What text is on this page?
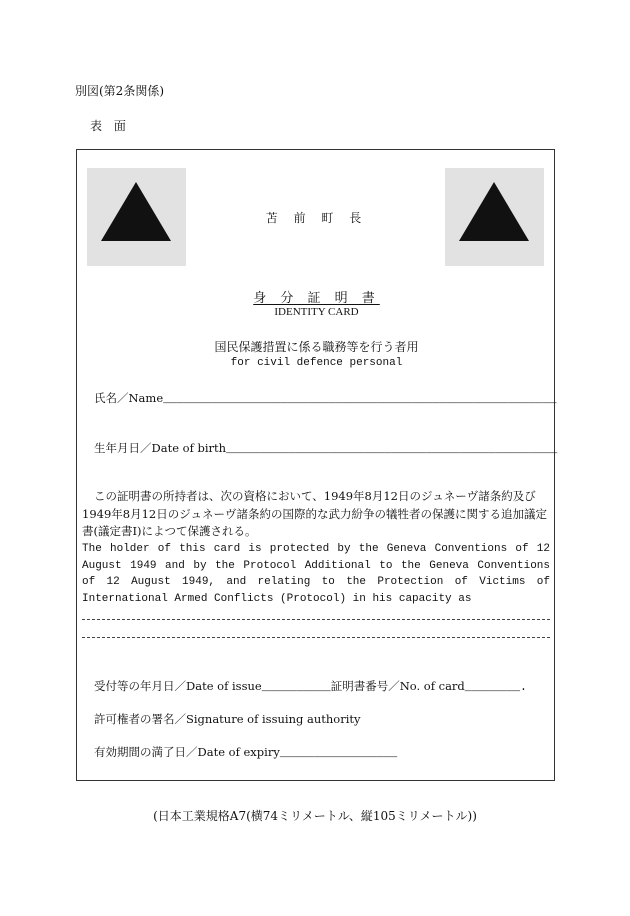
別図(第2条関係)
表 面
苫 前 町 長
身 分 証 明 書
IDENTITY CARD
国民保護措置に係る職務等を行う者用
for civil defence personal
氏名／Name_________________________________________________________
生年月日／Date of birth________________________________________________
この証明書の所持者は、次の資格において、1949年8月12日のジュネーヴ諸条約及び
1949年8月12日のジュネーヴ諸条約の国際的な武力紛争の犠牲者の保護に関する追加議定
書(議定書I)によつて保護される。
The holder of this card is protected by the Geneva Conventions of 12 August 1949 and by the Protocol Additional to the Geneva Conventions of 12 August 1949, and relating to the Protection of Victims of International Armed Conflicts (Protocol) in his capacity as
受付等の年月日／Date of issue__________証明書番号／No. of card________.
許可権者の署名／Signature of issuing authority
有効期間の満了日／Date of expiry_________________
(日本工業規格A7(横74ミリメートル、縦105ミリメートル))
